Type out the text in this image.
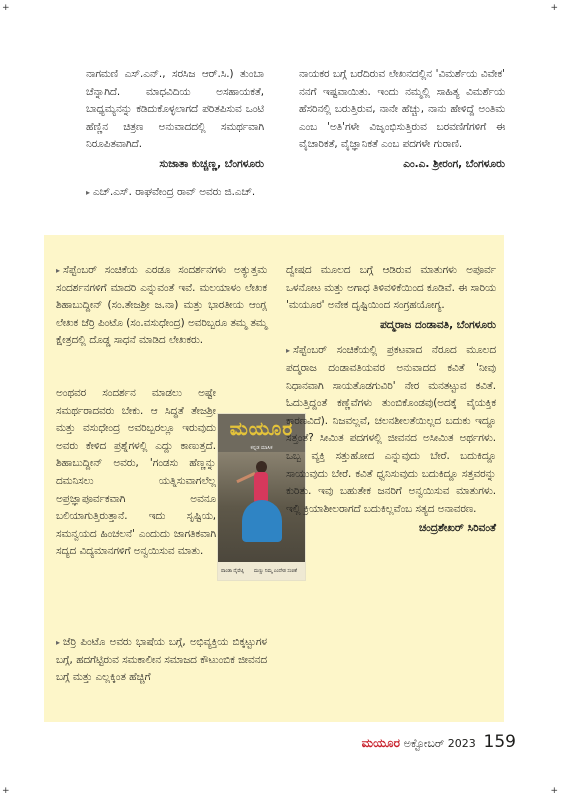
+	+
+	+

ನಾಗಮಣಿ ಎಸ್.ಎನ್., ಸರಸಿಜ ಆರ್.ಸಿ.) ತುಂಬಾ ಚೆನ್ನಾಗಿದೆ. ಮಾಧವಿದಿಯ ಅಸಹಾಯಕತೆ, ಬಾಧ್ಯಮ್ಯನನ್ನು ಕಡಿದುಕೊಳ್ಳಲಾಗದೆ ಪರಿತಪಿಸುವ ಒಂಟಿ ಹೆಣ್ಣಿನ ಚಿತ್ರಣ ಅನುವಾದದಲ್ಲಿ ಸಮರ್ಥವಾಗಿ ನಿರೂಪಿತವಾಗಿದೆ.

ಸುಜಾತಾ ಕುಚ್ಚಣ್ಣ, ಬೆಂಗಳೂರು

▸ ಎಚ್.ಎಸ್. ರಾಘವೇಂದ್ರ ರಾವ್ ಅವರು ಜಿ.ಎಚ್.

ನಾಯಕರ ಬಗ್ಗೆ ಬರೆದಿರುವ ಲೇಖನದಲ್ಲಿನ 'ವಿಮರ್ಶೆಯ ವಿವೇಕ' ನನಗೆ ಇಷ್ಟವಾಯಿತು. ಇಂದು ನಮ್ಮಲ್ಲಿ ಸಾಹಿತ್ಯ ವಿಮರ್ಶೆಯ ಹೆಸರಿನಲ್ಲಿ ಬರುತ್ತಿರುವ, ನಾನೇ ಹೆಚ್ಚು, ನಾನು ಹೇಳಿದ್ದೆ ಅಂತಿಮ ಎಂಬ 'ಅತಿ'ಗಳೇ ವಿಜೃಂಭಿಸುತ್ತಿರುವ ಬರವಣಿಗೆಗಳಿಗೆ ಈ ವೈಚಾರಿಕತೆ, ವೈಜ್ಞಾನಿಕತೆ ಎಂಬ ಪದಗಳೇ ಗುರಾಣಿ.

ಎಂ.ಎ. ಶ್ರೀರಂಗ, ಬೆಂಗಳೂರು

▸ ಸೆಪ್ಟೆಂಬರ್ ಸಂಚಿಕೆಯ ಎರಡೂ ಸಂದರ್ಶನಗಳು ಅತ್ಯುತ್ತಮ ಸಂದರ್ಶನಗಳಿಗೆ ಮಾದರಿ ಎನ್ನುವಂತೆ ಇವೆ. ಮಲಯಾಳಂ ಲೇಖಕ ಶಿಹಾಬುದ್ದೀನ್ (ಸಂ.ತೇಜಶ್ರೀ ಜ.ನಾ) ಮತ್ತು ಭಾರತೀಯ ಆಂಗ್ಲ ಲೇಖಕ ಜೆರ್ರಿ ಪಿಂಟೊ (ಸಂ.ವಸುಧೇಂದ್ರ) ಅವರಿಬ್ಬರೂ ತಮ್ಮ ತಮ್ಮ ಕ್ಷೇತ್ರದಲ್ಲಿ ದೊಡ್ಡ ಸಾಧನೆ ಮಾಡಿದ ಲೇಖಕರು.

ಅಂಥವರ ಸಂದರ್ಶನ ಮಾಡಲು ಅಷ್ಟೇ ಸಮರ್ಥರಾದವರು ಬೇಕು. ಆ ಸಿದ್ಧತೆ ತೇಜಶ್ರೀ ಮತ್ತು ವಸುಧೇಂದ್ರ ಅವರಿಬ್ಬರಲ್ಲೂ ಇರುವುದು ಅವರು ಕೇಳಿದ ಪ್ರಶ್ನೆಗಳಲ್ಲಿ ಎದ್ದು ಕಾಣುತ್ತದೆ. ಶಿಹಾಬುದ್ದೀನ್ ಅವರು, 'ಗಂಡಸು ಹೆಣ್ಣನ್ನು ದಮನಿಸಲು ಯತ್ನಿಸುವಾಗಲೆಲ್ಲ ಅಪ್ರಜ್ಞಾಪೂರ್ವಕವಾಗಿ ಅವನೂ ಬಲಿಯಾಗುತ್ತಿರುತ್ತಾನೆ. ಇದು ಸೃಷ್ಟಿಯ, ಸಮನ್ವಯದ ಹಿಂಚಲನೆ' ಎಂದುದು ಜಾಗತಿಕವಾಗಿ ಸದ್ಯದ ವಿದ್ಯಮಾನಗಳಿಗೆ ಅನ್ವಯಿಸುವ ಮಾತು.

▸ ಜೆರ್ರಿ ಪಿಂಟೊ ಅವರು ಭಾಷೆಯ ಬಗ್ಗೆ, ಅಭಿವ್ಯಕ್ತಿಯ ಬಿಕ್ಕಟ್ಟುಗಳ ಬಗ್ಗೆ, ಹದಗೆಟ್ಟಿರುವ ಸಮಕಾಲೀನ ಸಮಾಜದ ಕೌಟುಂಬಿಕ ಜೀವನದ ಬಗ್ಗೆ ಮತ್ತು ಎಲ್ಲಕ್ಕಿಂತ ಹೆಚ್ಚಿಗೆ

ಮಯೂರ
ಕನ್ನಡ ಮಾಸಿಕ
ಪಾಂಡಾ ದೈವೆಟ್ಕಿ ಮಣ್ಣು ನಿಮ್ಮ ಎಂದೇಡ ಸಂಚಿಕೆ

ದ್ವೇಷದ ಮೂಲದ ಬಗ್ಗೆ ಆಡಿರುವ ಮಾತುಗಳು ಅಪೂರ್ವ ಒಳನೋಟ ಮತ್ತು ಅಗಾಧ ತಿಳಿವಳಿಕೆಯಿಂದ ಕೂಡಿವೆ. ಈ ಸಾರಿಯ 'ಮಯೂರ' ಅನೇಕ ದೃಷ್ಟಿಯಿಂದ ಸಂಗ್ರಹಯೋಗ್ಯ.

ಪದ್ಮರಾಜ ದಂಡಾವತಿ, ಬೆಂಗಳೂರು

▸ ಸೆಪ್ಟೆಂಬರ್ ಸಂಚಿಕೆಯಲ್ಲಿ ಪ್ರಕಟವಾದ ನೆರೂದ ಮೂಲದ ಪದ್ಮರಾಜ ದಂಡಾವತಿಯವರ ಅನುವಾದದ ಕವಿತೆ 'ನೀವು ನಿಧಾನವಾಗಿ ಸಾಯತೊಡಗುವಿರಿ' ನೇರ ಮನತಟ್ಟುವ ಕವಿತೆ. ಓದುತ್ತಿದ್ದಂತೆ ಕಣ್ಣೆವೆಗಳು ತುಂಬಿಕೊಂಡವು(ಅದಕ್ಕೆ ವೈಯಕ್ತಿಕ ಕಾರಣವಿದೆ). ನಿಜವಲ್ಲವೆ, ಚಲನಶೀಲತೆಯಿಲ್ಲದ ಬದುಕು ಇದ್ದೂ ಸತ್ತಂತೆ? ಸೀಮಿತ ಪದಗಳಲ್ಲಿ ಜೀವನದ ಅಸೀಮಿತ ಅರ್ಥಗಳು. ಒಬ್ಬ ವ್ಯಕ್ತಿ ಸತ್ತುಹೋದ ಎನ್ನುವುದು ಬೇರೆ. ಬದುಕಿದ್ದೂ ಸಾಯುವುದು ಬೇರೆ. ಕವಿತೆ ಧ್ವನಿಸುವುದು ಬದುಕಿದ್ದೂ ಸತ್ತವರನ್ನು ಕುರಿತು. ಇವು ಬಹುತೇಕ ಜನರಿಗೆ ಅನ್ವಯಿಸುವ ಮಾತುಗಳು. ಇಲ್ಲಿ ಕ್ರಿಯಾಶೀಲರಾಗದೆ ಬದುಕಿಲ್ಲವೆಂಬ ಸತ್ಯದ ಅನಾವರಣ.

ಚಂದ್ರಶೇಖರ್ ಸಿರಿವಂತೆ

ಮಯೂರ ಅಕ್ಟೋಬರ್ 2023 159
